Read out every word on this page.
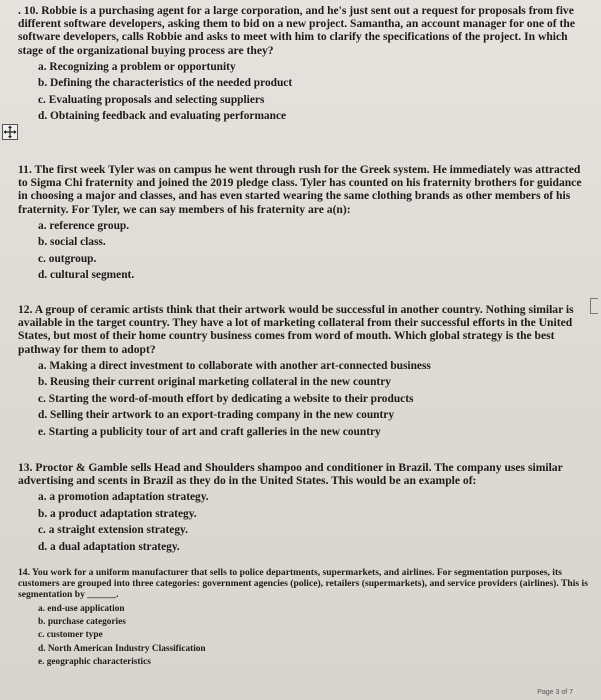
. 10. Robbie is a purchasing agent for a large corporation, and he's just sent out a request for proposals from five different software developers, asking them to bid on a new project. Samantha, an account manager for one of the software developers, calls Robbie and asks to meet with him to clarify the specifications of the project. In which stage of the organizational buying process are they?

a. Recognizing a problem or opportunity
b. Defining the characteristics of the needed product
c. Evaluating proposals and selecting suppliers
d. Obtaining feedback and evaluating performance

11. The first week Tyler was on campus he went through rush for the Greek system. He immediately was attracted to Sigma Chi fraternity and joined the 2019 pledge class. Tyler has counted on his fraternity brothers for guidance in choosing a major and classes, and has even started wearing the same clothing brands as other members of his fraternity. For Tyler, we can say members of his fraternity are a(n):

a. reference group.
b. social class.
c. outgroup.
d. cultural segment.

12. A group of ceramic artists think that their artwork would be successful in another country. Nothing similar is available in the target country. They have a lot of marketing collateral from their successful efforts in the United States, but most of their home country business comes from word of mouth. Which global strategy is the best pathway for them to adopt?

a. Making a direct investment to collaborate with another art-connected business
b. Reusing their current original marketing collateral in the new country
c. Starting the word-of-mouth effort by dedicating a website to their products
d. Selling their artwork to an export-trading company in the new country
e. Starting a publicity tour of art and craft galleries in the new country

13. Proctor & Gamble sells Head and Shoulders shampoo and conditioner in Brazil. The company uses similar advertising and scents in Brazil as they do in the United States. This would be an example of:

a. a promotion adaptation strategy.
b. a product adaptation strategy.
c. a straight extension strategy.
d. a dual adaptation strategy.

14. You work for a uniform manufacturer that sells to police departments, supermarkets, and airlines. For segmentation purposes, its customers are grouped into three categories: government agencies (police), retailers (supermarkets), and service providers (airlines). This is segmentation by ______.

a. end-use application
b. purchase categories
c. customer type
d. North American Industry Classification
e. geographic characteristics
Page 3 of 7
